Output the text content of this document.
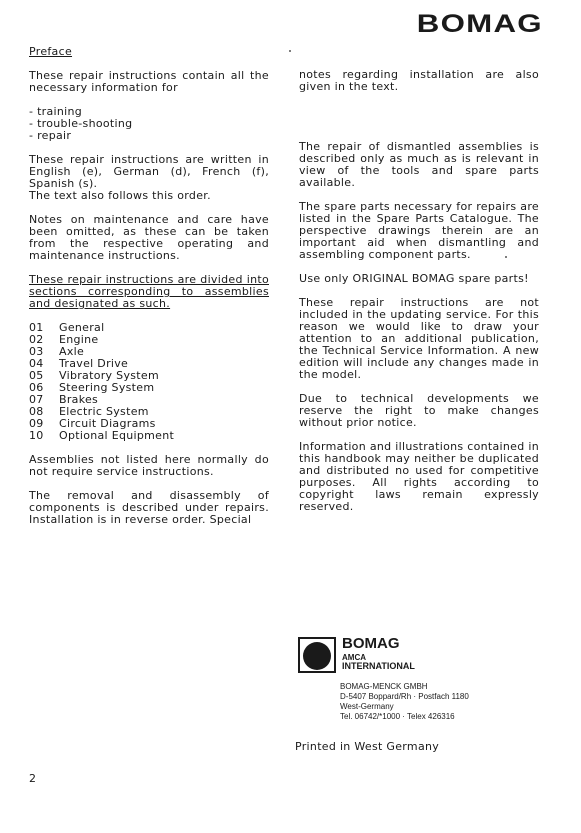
BOMAG

Preface

These repair instructions contain all the necessary information for

- training
- trouble-shooting
- repair
These repair instructions are written in English (e), German (d), French (f), Spanish (s).
The text also follows this order.

Notes on maintenance and care have been omitted, as these can be taken from the respective operating and maintenance instructions.

These repair instructions are divided into sections corresponding to assemblies and designated as such.

01	General
02	Engine
03	Axle
04	Travel Drive
05	Vibratory System
06	Steering System
07	Brakes
08	Electric System
09	Circuit Diagrams
10	Optional Equipment

Assemblies not listed here normally do not require service instructions.

The removal and disassembly of components is described under repairs. Installation is in reverse order. Special

notes regarding installation are also given in the text.

The repair of dismantled assemblies is described only as much as is relevant in view of the tools and spare parts available.

The spare parts necessary for repairs are listed in the Spare Parts Catalogue. The perspective drawings therein are an important aid when dismantling and assembling component parts.

Use only ORIGINAL BOMAG spare parts!

These repair instructions are not included in the updating service. For this reason we would like to draw your attention to an additional publication, the Technical Service Information. A new edition will include any changes made in the model.

Due to technical developments we reserve the right to make changes without prior notice.

Information and illustrations contained in this handbook may neither be duplicated and distributed no used for competitive purposes. All rights according to copyright laws remain expressly reserved.

BOMAG
AMCA
INTERNATIONAL
BOMAG-MENCK GMBH
D-5407 Boppard/Rh · Postfach 1180
West-Germany
Tel. 06742/*1000 · Telex 426316
Printed in West Germany
2
